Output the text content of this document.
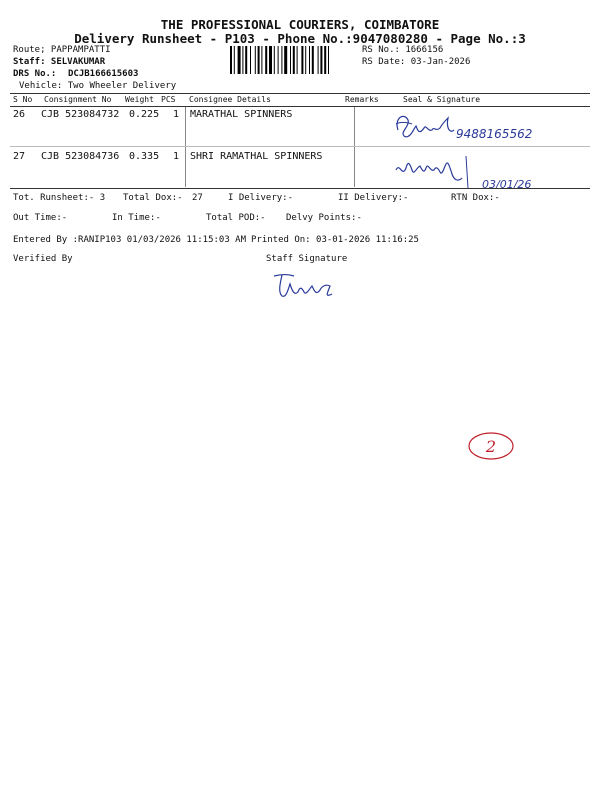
THE PROFESSIONAL COURIERS, COIMBATORE
Delivery Runsheet - P103 - Phone No.:9047080280 - Page No.:3
Route; PAPPAMPATTI
Staff: SELVAKUMAR
DRS No.: DCJB166615603
Vehicle: Two Wheeler Delivery
RS No.: 1666156
RS Date: 03-Jan-2026
S No Consignment No Weight PCS Consignee Details	Remarks	Seal & Signature
26 CJB 523084732 0.225 1 MARATHAL SPINNERS
9488165562
27 CJB 523084736 0.335 1 SHRI RAMATHAL SPINNERS
03/01/26
Tot. Runsheet:- 3 Total Dox:- 27	I Delivery:-	II Delivery:-	RTN Dox:-
Out Time:-	In Time:-	Total POD:- Delvy Points:-
Entered By :RANIP103 01/03/2026 11:15:03 AM Printed On: 03-01-2026 11:16:25
Verified By	Staff Signature
2
